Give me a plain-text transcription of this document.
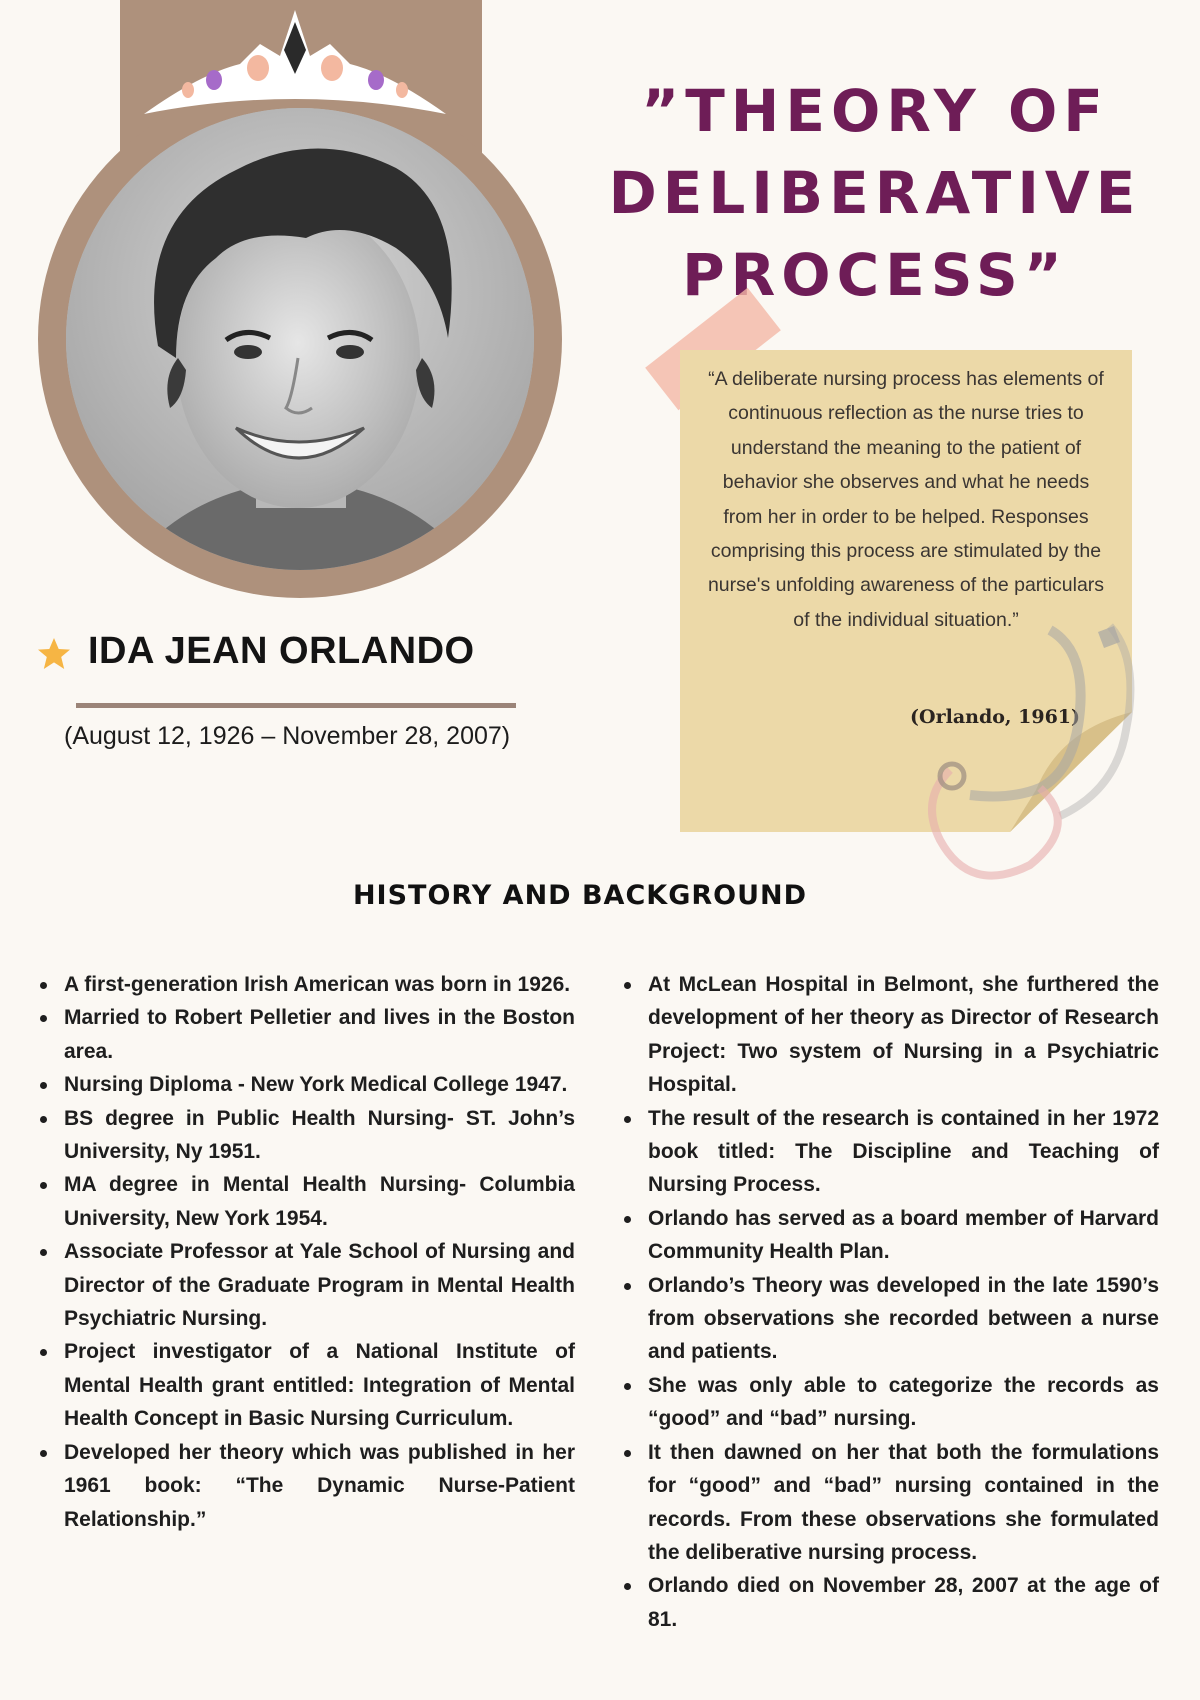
IDA JEAN ORLANDO
(August 12, 1926 – November 28, 2007)
”THEORY OF
DELIBERATIVE
PROCESS”
“A deliberate nursing process has elements of continuous reflection as the nurse tries to understand the meaning to the patient of behavior she observes and what he needs from her in order to be helped. Responses comprising this process are stimulated by the nurse's unfolding awareness of the particulars of the individual situation.”
(Orlando, 1961)
HISTORY AND BACKGROUND
A first-generation Irish American was born in 1926.
Married to Robert Pelletier and lives in the Boston area.
Nursing Diploma - New York Medical College 1947.
BS degree in Public Health Nursing- ST. John’s University, Ny 1951.
MA degree in Mental Health Nursing- Columbia University, New York 1954.
Associate Professor at Yale School of Nursing and Director of the Graduate Program in Mental Health Psychiatric Nursing.
Project investigator of a National Institute of Mental Health grant entitled: Integration of Mental Health Concept in Basic Nursing Curriculum.
Developed her theory which was published in her 1961 book: “The Dynamic Nurse-Patient Relationship.”
At McLean Hospital in Belmont, she furthered the development of her theory as Director of Research Project: Two system of Nursing in a Psychiatric Hospital.
The result of the research is contained in her 1972 book titled: The Discipline and Teaching of Nursing Process.
Orlando has served as a board member of Harvard Community Health Plan.
Orlando’s Theory was developed in the late 1590’s from observations she recorded between a nurse and patients.
She was only able to categorize the records as “good” and “bad” nursing.
It then dawned on her that both the formulations for “good” and “bad” nursing contained in the records. From these observations she formulated the deliberative nursing process.
Orlando died on November 28, 2007 at the age of 81.
